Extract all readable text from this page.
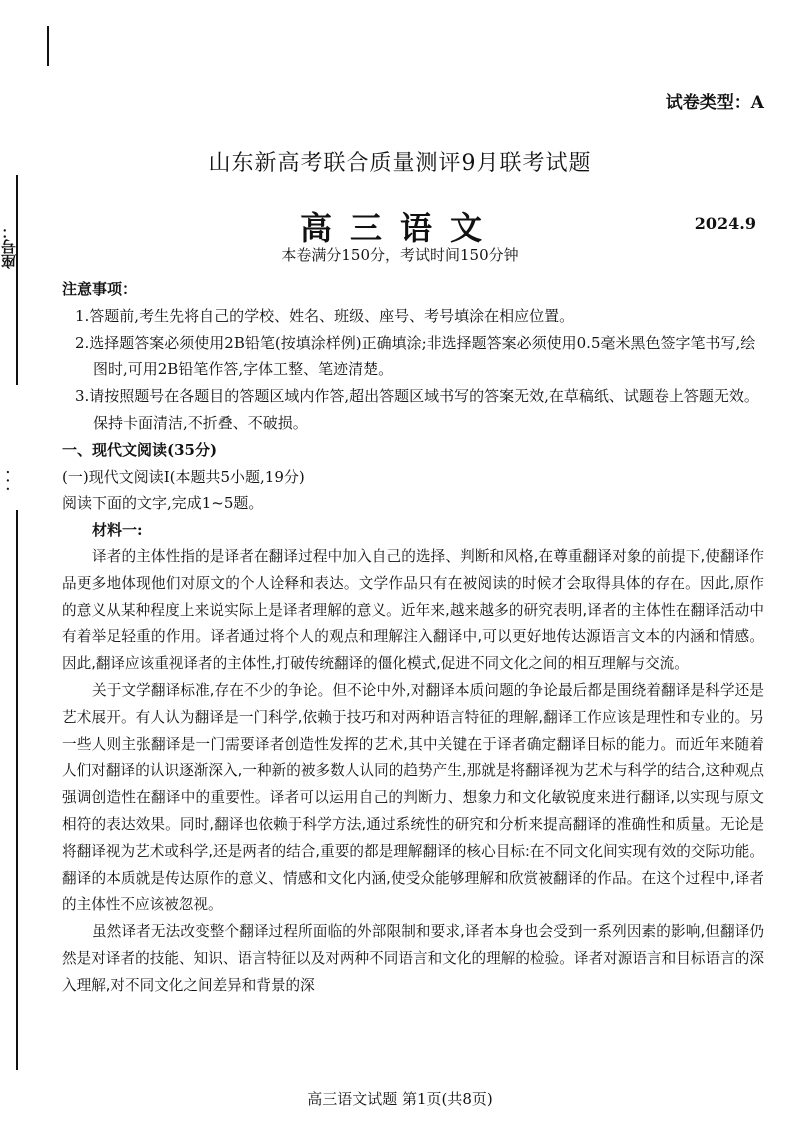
座号：
· · ·
试卷类型：A
山东新高考联合质量测评9月联考试题
高三语文	2024.9
本卷满分150分，考试时间150分钟

注意事项：

1.答题前,考生先将自己的学校、姓名、班级、座号、考号填涂在相应位置。

2.选择题答案必须使用2B铅笔(按填涂样例)正确填涂;非选择题答案必须使用0.5毫米黑色签字笔书写,绘图时,可用2B铅笔作答,字体工整、笔迹清楚。

3.请按照题号在各题目的答题区域内作答,超出答题区域书写的答案无效,在草稿纸、试题卷上答题无效。保持卡面清洁,不折叠、不破损。

一、现代文阅读(35分)

(一)现代文阅读Ⅰ(本题共5小题,19分)

阅读下面的文字,完成1~5题。

材料一:

译者的主体性指的是译者在翻译过程中加入自己的选择、判断和风格,在尊重翻译对象的前提下,使翻译作品更多地体现他们对原文的个人诠释和表达。文学作品只有在被阅读的时候才会取得具体的存在。因此,原作的意义从某种程度上来说实际上是译者理解的意义。近年来,越来越多的研究表明,译者的主体性在翻译活动中有着举足轻重的作用。译者通过将个人的观点和理解注入翻译中,可以更好地传达源语言文本的内涵和情感。因此,翻译应该重视译者的主体性,打破传统翻译的僵化模式,促进不同文化之间的相互理解与交流。

关于文学翻译标准,存在不少的争论。但不论中外,对翻译本质问题的争论最后都是围绕着翻译是科学还是艺术展开。有人认为翻译是一门科学,依赖于技巧和对两种语言特征的理解,翻译工作应该是理性和专业的。另一些人则主张翻译是一门需要译者创造性发挥的艺术,其中关键在于译者确定翻译目标的能力。而近年来随着人们对翻译的认识逐渐深入,一种新的被多数人认同的趋势产生,那就是将翻译视为艺术与科学的结合,这种观点强调创造性在翻译中的重要性。译者可以运用自己的判断力、想象力和文化敏锐度来进行翻译,以实现与原文相符的表达效果。同时,翻译也依赖于科学方法,通过系统性的研究和分析来提高翻译的准确性和质量。无论是将翻译视为艺术或科学,还是两者的结合,重要的都是理解翻译的核心目标:在不同文化间实现有效的交际功能。翻译的本质就是传达原作的意义、情感和文化内涵,使受众能够理解和欣赏被翻译的作品。在这个过程中,译者的主体性不应该被忽视。

虽然译者无法改变整个翻译过程所面临的外部限制和要求,译者本身也会受到一系列因素的影响,但翻译仍然是对译者的技能、知识、语言特征以及对两种不同语言和文化的理解的检验。译者对源语言和目标语言的深入理解,对不同文化之间差异和背景的深

高三语文试题 第1页(共8页)
